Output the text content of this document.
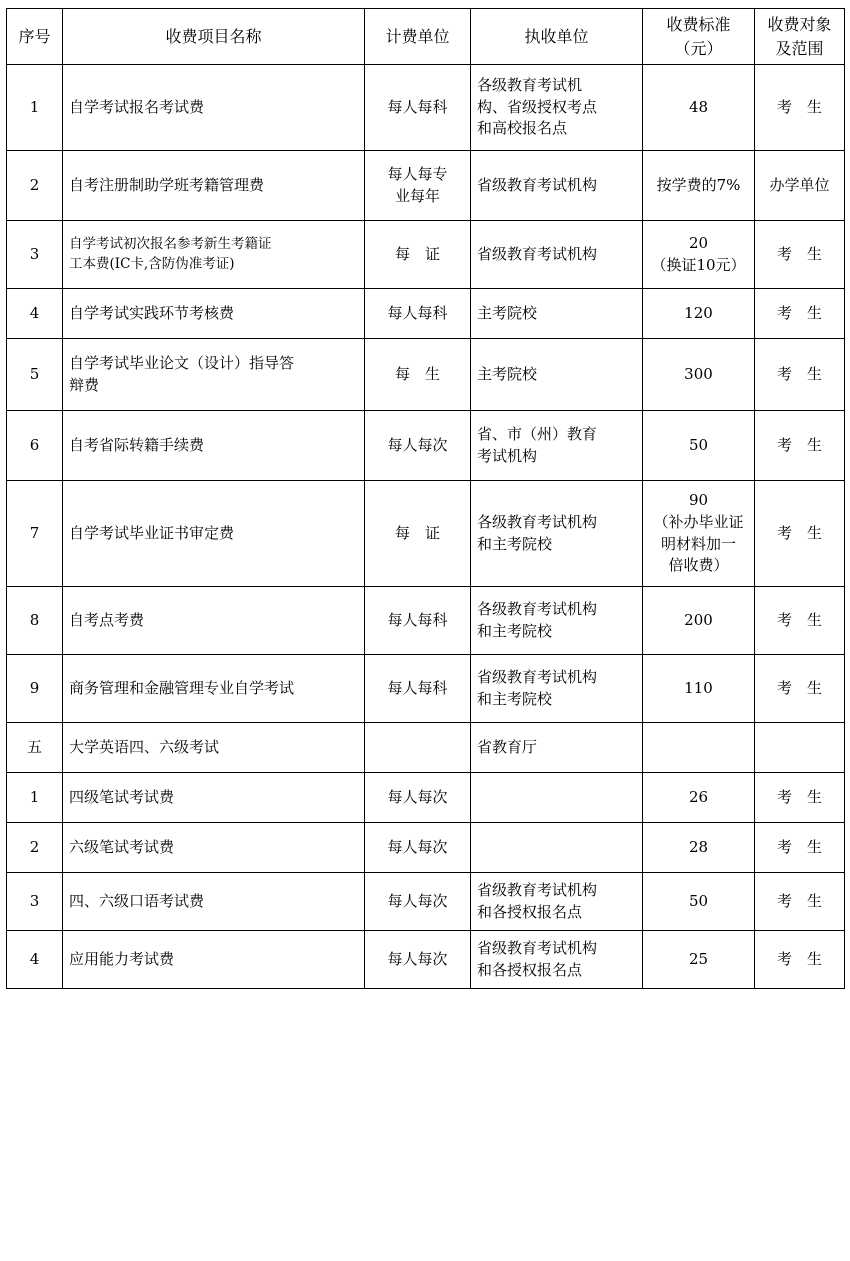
序号	收费项目名称	计费单位	执收单位	收费标准
（元）	收费对象
及范围

1	自学考试报名考试费	每人每科	各级教育考试机
构、省级授权考点
和高校报名点	48	考　生

2	自考注册制助学班考籍管理费	每人每专
业每年	省级教育考试机构	按学费的7%	办学单位

3	自学考试初次报名参考新生考籍证
工本费(IC卡,含防伪准考证)	每　证	省级教育考试机构	20
（换证10元）	考　生

4	自学考试实践环节考核费	每人每科	主考院校	120	考　生

5	自学考试毕业论文（设计）指导答
辩费	每　生	主考院校	300	考　生

6	自考省际转籍手续费	每人每次	省、市（州）教育
考试机构	50	考　生

7	自学考试毕业证书审定费	每　证	各级教育考试机构
和主考院校	90
（补办毕业证
明材料加一
倍收费）	考　生

8	自考点考费	每人每科	各级教育考试机构
和主考院校	200	考　生

9	商务管理和金融管理专业自学考试	每人每科	省级教育考试机构
和主考院校	110	考　生

五	大学英语四、六级考试		省教育厅		

1	四级笔试考试费	每人每次		26	考　生

2	六级笔试考试费	每人每次		28	考　生

3	四、六级口语考试费	每人每次	省级教育考试机构
和各授权报名点	50	考　生

4	应用能力考试费	每人每次	省级教育考试机构
和各授权报名点	25	考　生
